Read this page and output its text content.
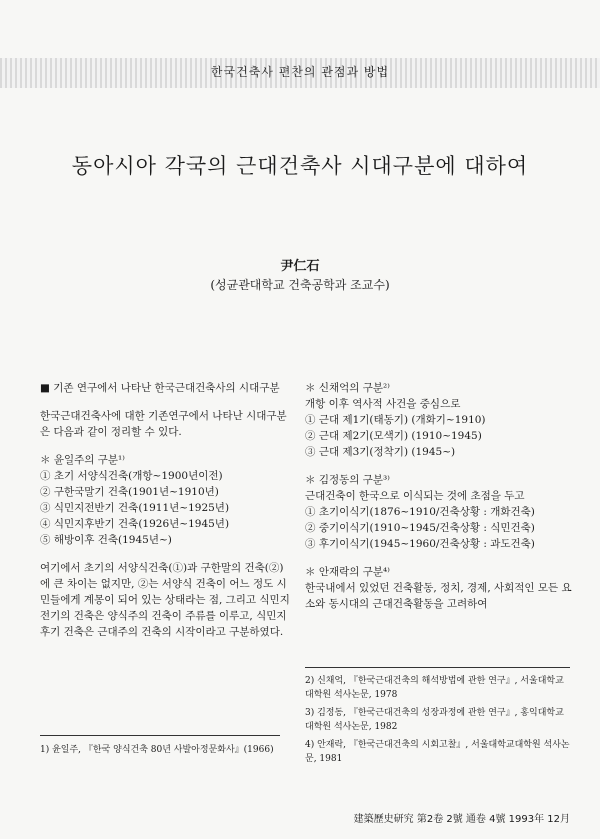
한국건축사 편찬의 관점과 방법
동아시아 각국의 근대건축사 시대구분에 대하여
尹仁石
(성균관대학교 건축공학과 조교수)
■ 기존 연구에서 나타난 한국근대건축사의 시대구분
한국근대건축사에 대한 기존연구에서 나타난 시대구분은 다음과 같이 정리할 수 있다.
＊ 윤일주의 구분¹⁾
① 초기 서양식건축(개항~1900년이전)
② 구한국말기 건축(1901년~1910년)
③ 식민지전반기 건축(1911년~1925년)
④ 식민지후반기 건축(1926년~1945년)
⑤ 해방이후 건축(1945년~)
여기에서 초기의 서양식건축(①)과 구한말의 건축(②)에 큰 차이는 없지만, ②는 서양식 건축이 어느 정도 시민들에게 계몽이 되어 있는 상태라는 점, 그리고 식민지 전기의 건축은 양식주의 건축이 주류를 이루고, 식민지 후기 건축은 근대주의 건축의 시작이라고 구분하였다.
1) 윤일주, 『한국 양식건축 80년 사발아정문화사』(1966)
＊ 신채억의 구분²⁾
개항 이후 역사적 사건을 중심으로
① 근대 제1기(태동기) (개화기~1910)
② 근대 제2기(모색기) (1910~1945)
③ 근대 제3기(정착기) (1945~)
＊ 김정동의 구분³⁾
근대건축이 한국으로 이식되는 것에 초점을 두고
① 초기이식기(1876~1910/건축상황 : 개화건축)
② 중기이식기(1910~1945/건축상황 : 식민건축)
③ 후기이식기(1945~1960/건축상황 : 과도건축)
＊ 안재락의 구분⁴⁾
한국내에서 있었던 건축활동, 정치, 경제, 사회적인 모든 요소와 동시대의 근대건축활동을 고려하여
2) 신채억, 『한국근대건축의 해석방법에 관한 연구』, 서울대학교대학원 석사논문, 1978
3) 김정동, 『한국근대건축의 성장과정에 관한 연구』, 홍익대학교대학원 석사논문, 1982
4) 안재락, 『한국근대건축의 시회고찰』, 서울대학교대학원 석사논문, 1981
建築歷史研究 第2卷 2號 通卷 4號 1993年 12月
